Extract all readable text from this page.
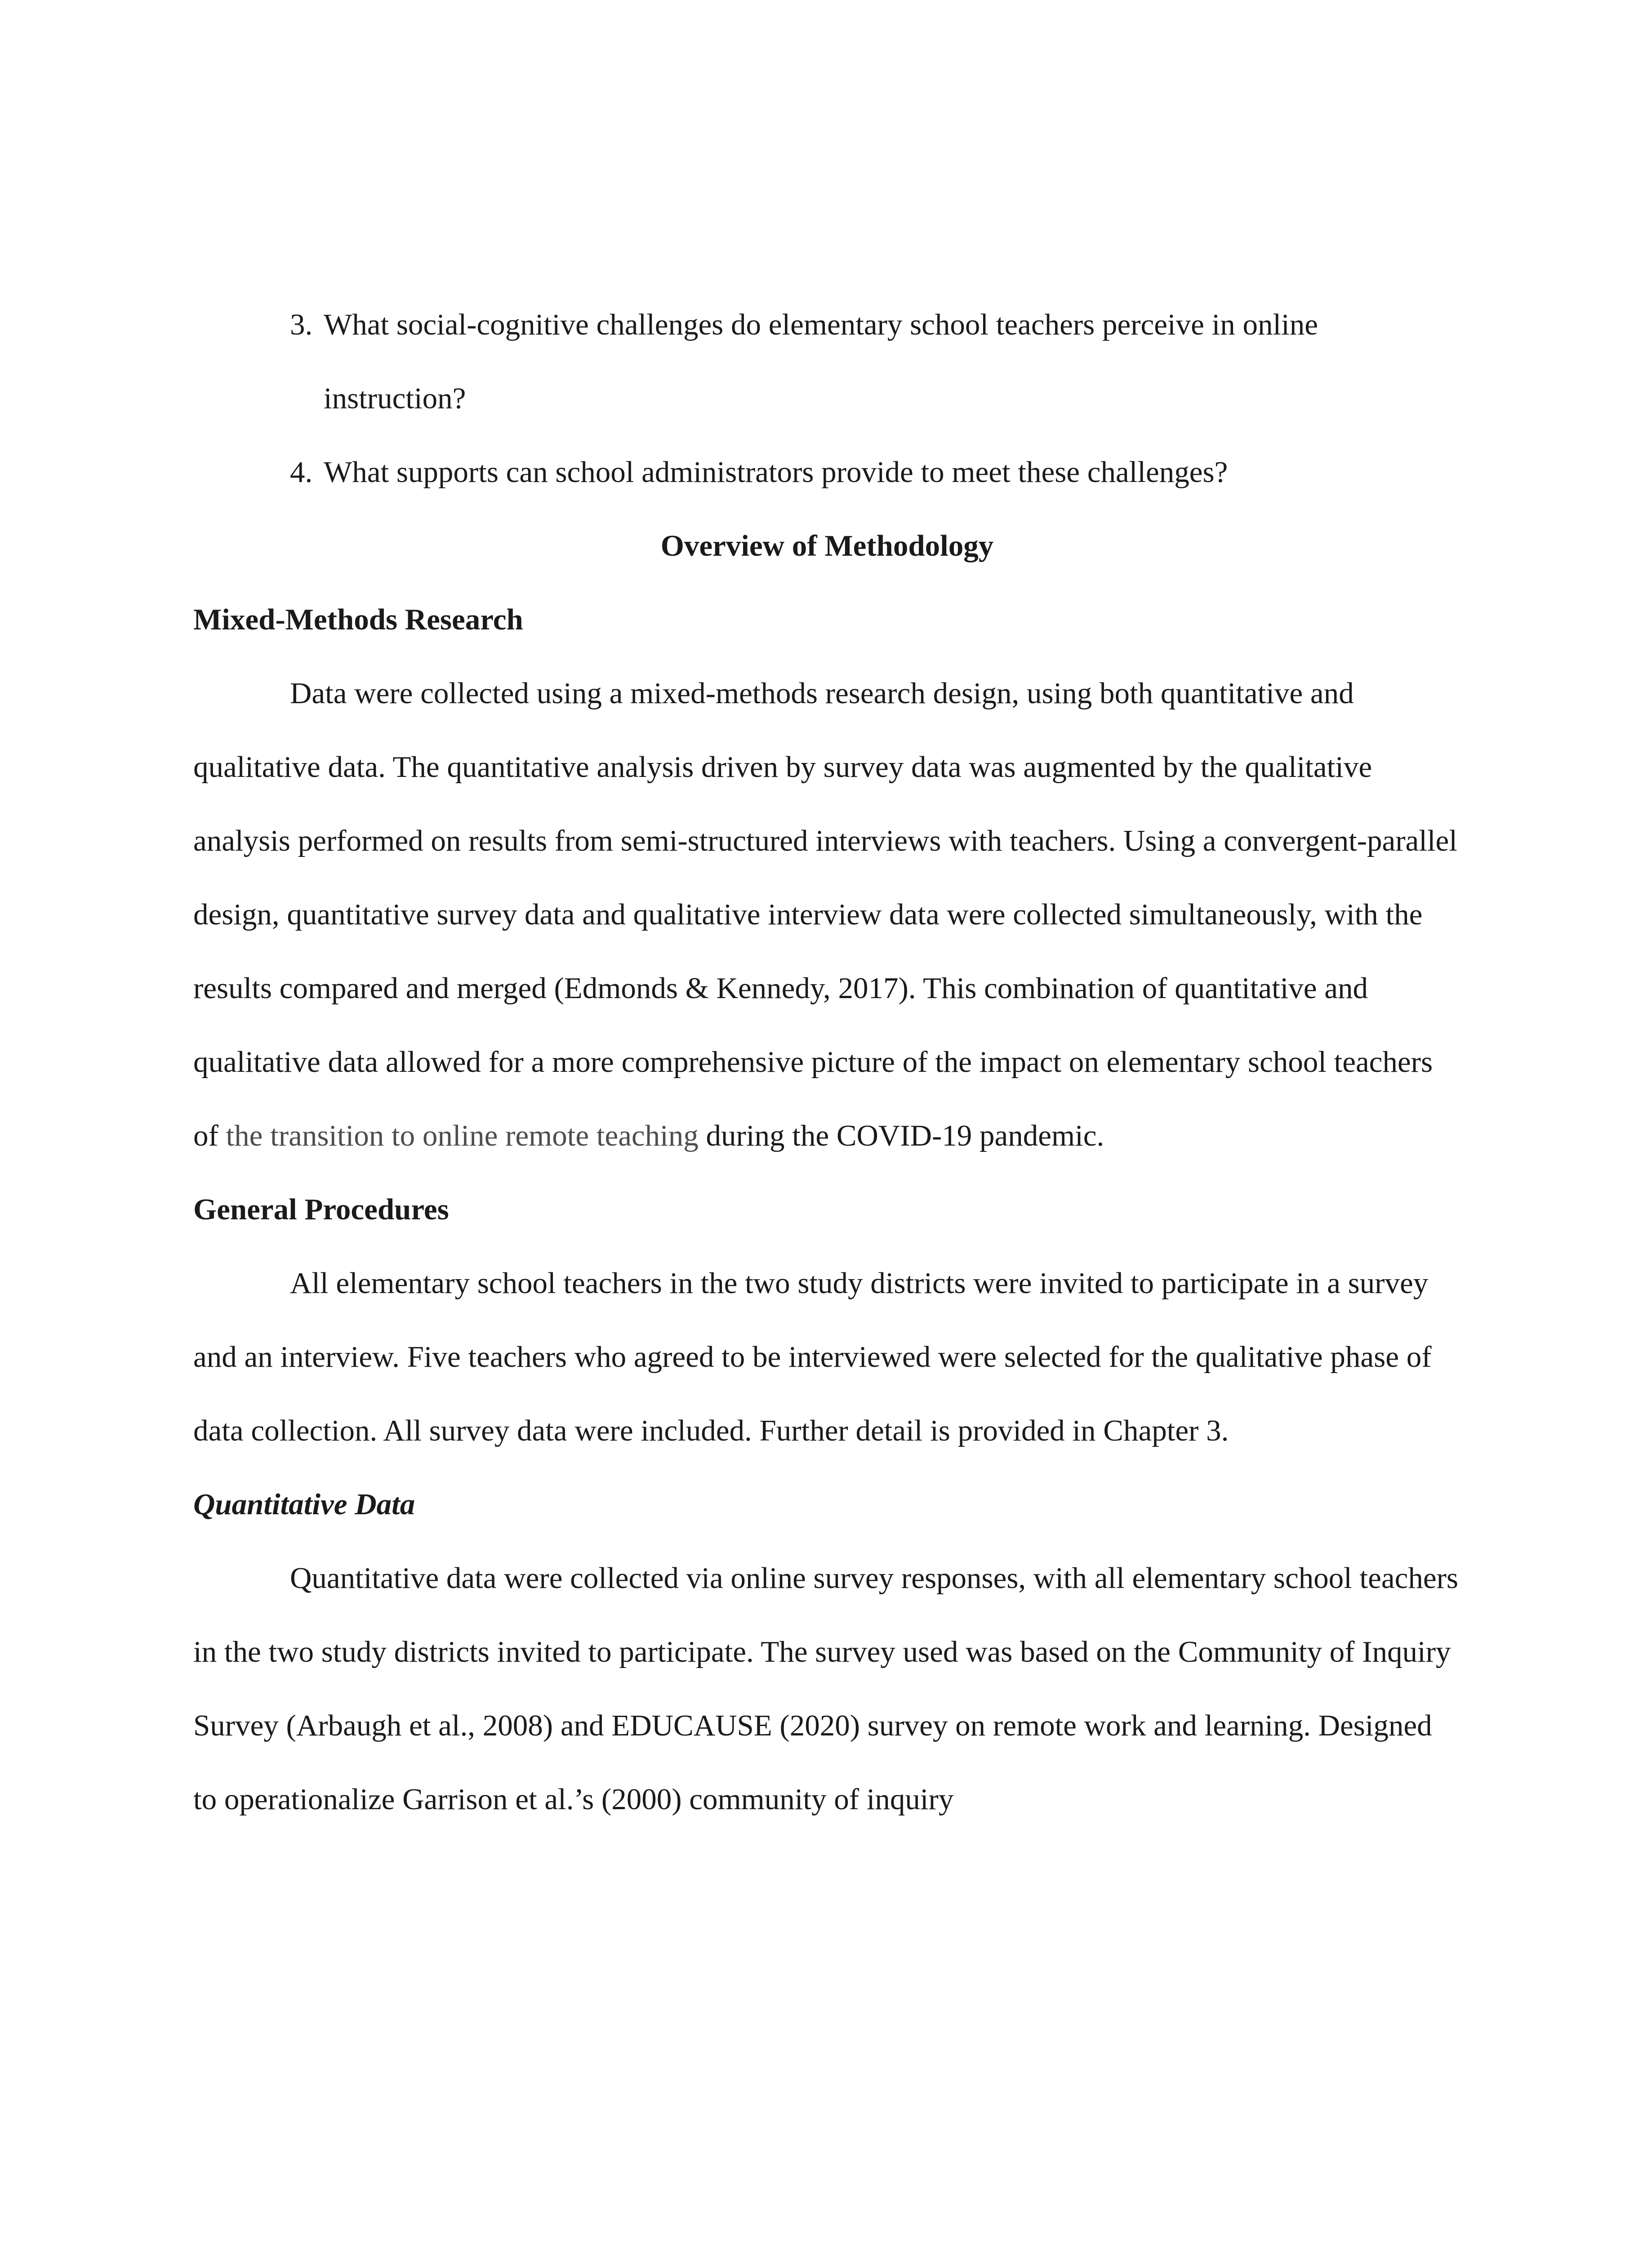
3. What social-cognitive challenges do elementary school teachers perceive in online instruction?
4. What supports can school administrators provide to meet these challenges?
Overview of Methodology
Mixed-Methods Research
Data were collected using a mixed-methods research design, using both quantitative and qualitative data. The quantitative analysis driven by survey data was augmented by the qualitative analysis performed on results from semi-structured interviews with teachers. Using a convergent-parallel design, quantitative survey data and qualitative interview data were collected simultaneously, with the results compared and merged (Edmonds & Kennedy, 2017). This combination of quantitative and qualitative data allowed for a more comprehensive picture of the impact on elementary school teachers of the transition to online remote teaching during the COVID-19 pandemic.
General Procedures
All elementary school teachers in the two study districts were invited to participate in a survey and an interview. Five teachers who agreed to be interviewed were selected for the qualitative phase of data collection. All survey data were included. Further detail is provided in Chapter 3.
Quantitative Data
Quantitative data were collected via online survey responses, with all elementary school teachers in the two study districts invited to participate. The survey used was based on the Community of Inquiry Survey (Arbaugh et al., 2008) and EDUCAUSE (2020) survey on remote work and learning. Designed to operationalize Garrison et al.’s (2000) community of inquiry
